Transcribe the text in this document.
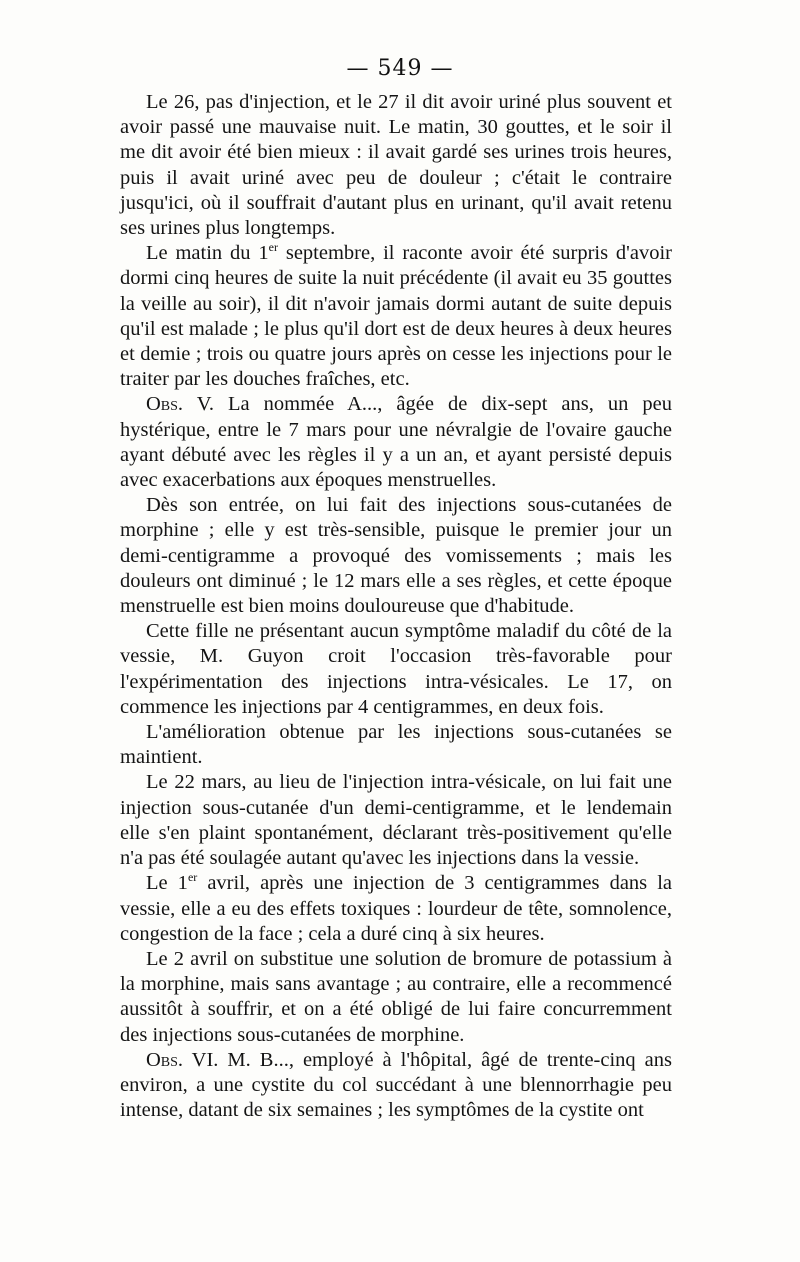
— 549 —

Le 26, pas d'injection, et le 27 il dit avoir uriné plus souvent et avoir passé une mauvaise nuit. Le matin, 30 gouttes, et le soir il me dit avoir été bien mieux : il avait gardé ses urines trois heures, puis il avait uriné avec peu de douleur ; c'était le contraire jusqu'ici, où il souffrait d'autant plus en urinant, qu'il avait retenu ses urines plus longtemps.

Le matin du 1er septembre, il raconte avoir été surpris d'avoir dormi cinq heures de suite la nuit précédente (il avait eu 35 gouttes la veille au soir), il dit n'avoir jamais dormi autant de suite depuis qu'il est malade ; le plus qu'il dort est de deux heures à deux heures et demie ; trois ou quatre jours après on cesse les injections pour le traiter par les douches fraîches, etc.

Obs. V. La nommée A..., âgée de dix-sept ans, un peu hystérique, entre le 7 mars pour une névralgie de l'ovaire gauche ayant débuté avec les règles il y a un an, et ayant persisté depuis avec exacerbations aux époques menstruelles.

Dès son entrée, on lui fait des injections sous-cutanées de morphine ; elle y est très-sensible, puisque le premier jour un demi-centigramme a provoqué des vomissements ; mais les douleurs ont diminué ; le 12 mars elle a ses règles, et cette époque menstruelle est bien moins douloureuse que d'habitude.

Cette fille ne présentant aucun symptôme maladif du côté de la vessie, M. Guyon croit l'occasion très-favorable pour l'expérimentation des injections intra-vésicales. Le 17, on commence les injections par 4 centigrammes, en deux fois.

L'amélioration obtenue par les injections sous-cutanées se maintient.

Le 22 mars, au lieu de l'injection intra-vésicale, on lui fait une injection sous-cutanée d'un demi-centigramme, et le lendemain elle s'en plaint spontanément, déclarant très-positivement qu'elle n'a pas été soulagée autant qu'avec les injections dans la vessie.

Le 1er avril, après une injection de 3 centigrammes dans la vessie, elle a eu des effets toxiques : lourdeur de tête, somnolence, congestion de la face ; cela a duré cinq à six heures.

Le 2 avril on substitue une solution de bromure de potassium à la morphine, mais sans avantage ; au contraire, elle a recommencé aussitôt à souffrir, et on a été obligé de lui faire concurremment des injections sous-cutanées de morphine.

Obs. VI. M. B..., employé à l'hôpital, âgé de trente-cinq ans environ, a une cystite du col succédant à une blennorrhagie peu intense, datant de six semaines ; les symptômes de la cystite ont
